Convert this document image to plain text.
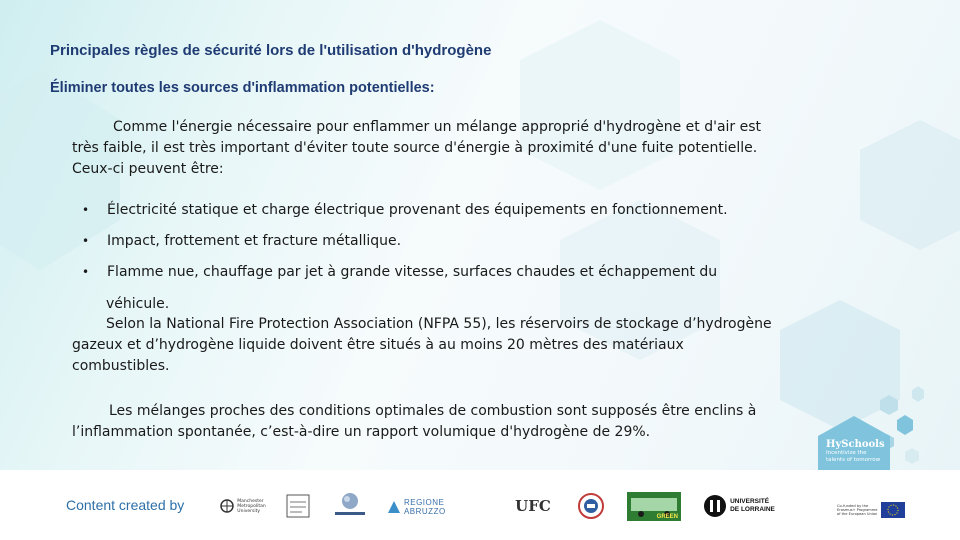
Principales règles de sécurité lors de l'utilisation d'hydrogène
Éliminer toutes les sources d'inflammation potentielles:
Comme l'énergie nécessaire pour enflammer un mélange approprié d'hydrogène et d'air est très faible, il est très important d'éviter toute source d'énergie à proximité d'une fuite potentielle. Ceux-ci peuvent être:
• Électricité statique et charge électrique provenant des équipements en fonctionnement.
• Impact, frottement et fracture métallique.
• Flamme nue, chauffage par jet à grande vitesse, surfaces chaudes et échappement du
véhicule.
Selon la National Fire Protection Association (NFPA 55), les réservoirs de stockage d’hydrogène gazeux et d’hydrogène liquide doivent être situés à au moins 20 mètres des matériaux combustibles.
Les mélanges proches des conditions optimales de combustion sont supposés être enclins à l’inflammation spontanée, c’est-à-dire un rapport volumique d'hydrogène de 29%.
HySchools
Incentivize the talents of tomorrow
Content created by	Manchester
Metropolitan
University
REGIONE ABRUZZO	UFC
GREEN
UNIVERSITÉ
DE LORRAINE
Co-funded by the Erasmus+ Programme of the European Union
